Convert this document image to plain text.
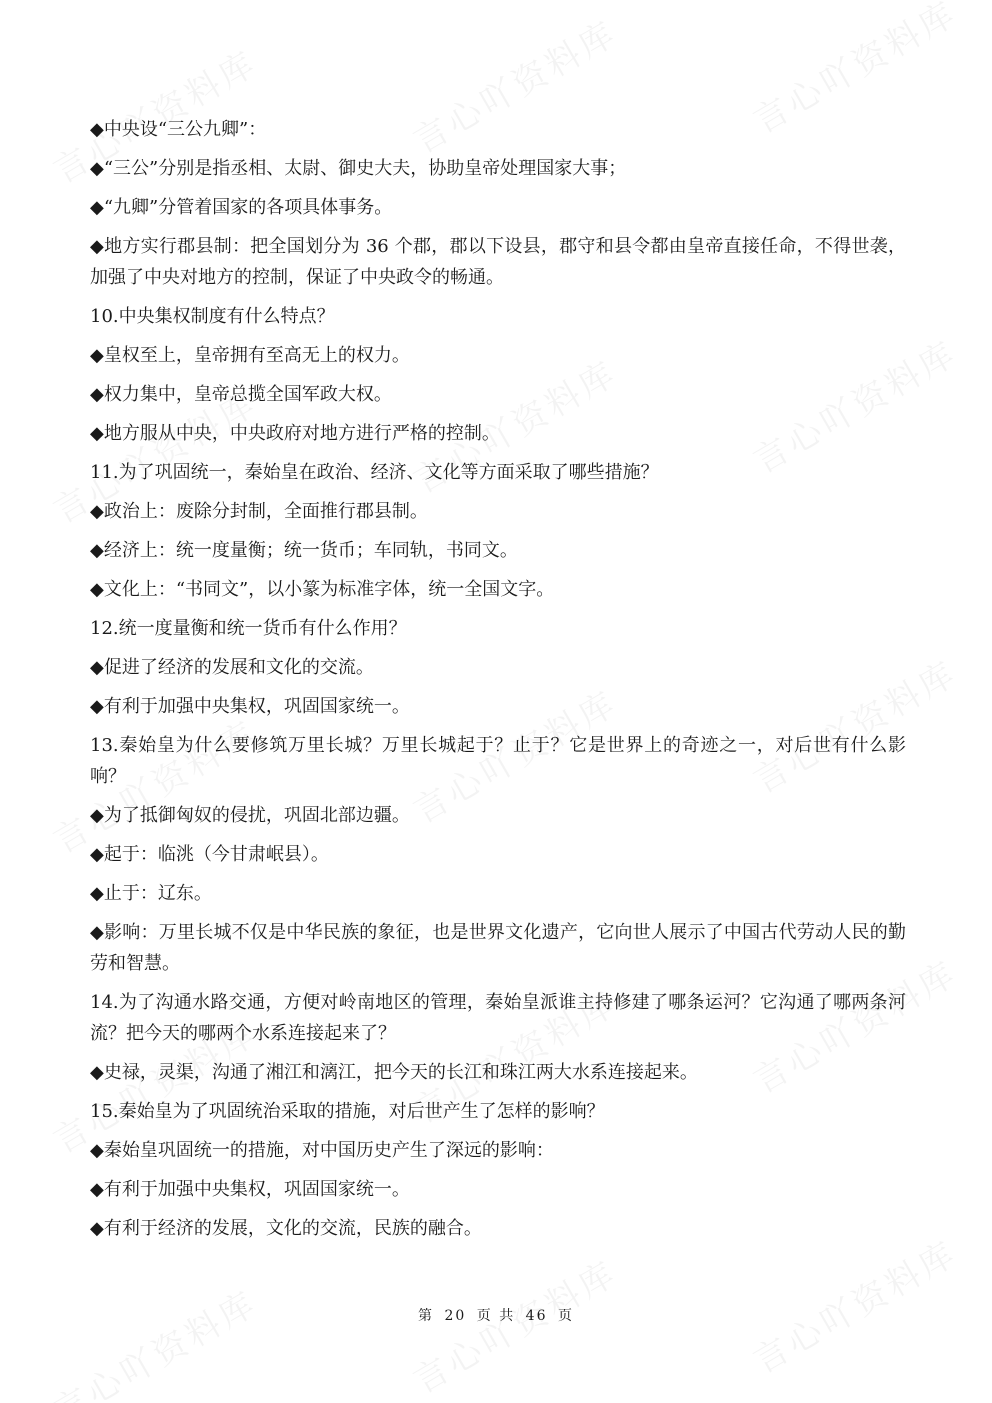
◆中央设“三公九卿”：

◆“三公”分别是指丞相、太尉、御史大夫，协助皇帝处理国家大事；

◆“九卿”分管着国家的各项具体事务。

◆地方实行郡县制：把全国划分为 36 个郡，郡以下设县，郡守和县令都由皇帝直接任命，不得世袭，加强了中央对地方的控制，保证了中央政令的畅通。

10.中央集权制度有什么特点？

◆皇权至上，皇帝拥有至高无上的权力。

◆权力集中，皇帝总揽全国军政大权。

◆地方服从中央，中央政府对地方进行严格的控制。

11.为了巩固统一，秦始皇在政治、经济、文化等方面采取了哪些措施？

◆政治上：废除分封制，全面推行郡县制。

◆经济上：统一度量衡；统一货币；车同轨，书同文。

◆文化上：“书同文”，以小篆为标准字体，统一全国文字。

12.统一度量衡和统一货币有什么作用？

◆促进了经济的发展和文化的交流。

◆有利于加强中央集权，巩固国家统一。

13.秦始皇为什么要修筑万里长城？万里长城起于？止于？它是世界上的奇迹之一，对后世有什么影响？

◆为了抵御匈奴的侵扰，巩固北部边疆。

◆起于：临洮（今甘肃岷县）。

◆止于：辽东。

◆影响：万里长城不仅是中华民族的象征，也是世界文化遗产，它向世人展示了中国古代劳动人民的勤劳和智慧。

14.为了沟通水路交通，方便对岭南地区的管理，秦始皇派谁主持修建了哪条运河？它沟通了哪两条河流？把今天的哪两个水系连接起来了？

◆史禄，灵渠，沟通了湘江和漓江，把今天的长江和珠江两大水系连接起来。

15.秦始皇为了巩固统治采取的措施，对后世产生了怎样的影响？

◆秦始皇巩固统一的措施，对中国历史产生了深远的影响：

◆有利于加强中央集权，巩固国家统一。

◆有利于经济的发展，文化的交流，民族的融合。

第 20 页 共 46 页
